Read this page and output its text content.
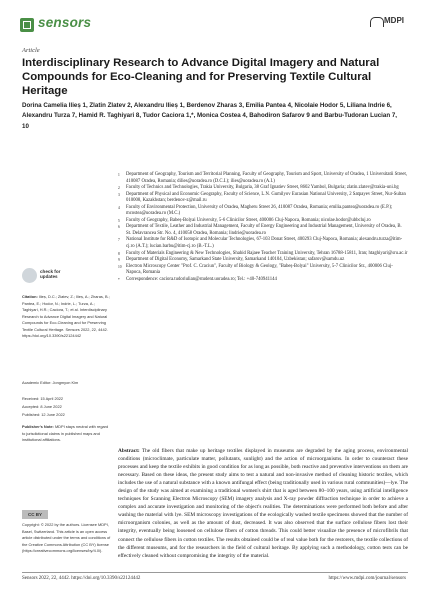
sensors	MDPI
Article
Interdisciplinary Research to Advance Digital Imagery and Natural Compounds for Eco-Cleaning and for Preserving Textile Cultural Heritage
Dorina Camelia Ilieș 1, Zlatin Zlatev 2, Alexandru Ilieș 1, Berdenov Zharas 3, Emilia Pantea 4, Nicolaie Hodor 5, Liliana Indrie 6, Alexandru Turza 7, Hamid R. Taghiyari 8, Tudor Caciora 1,*, Monica Costea 4, Bahodiron Safarov 9 and Barbu-Tudoran Lucian 7, 10
1	Department of Geography, Tourism and Territorial Planning, Faculty of Geography, Tourism and Sport, University of Oradea, 1 Universitatii Street, 410087 Oradea, Romania; dilies@uoradea.ro (D.C.I.); ilies@uoradea.ro (A.I.)
2	Faculty of Technics and Technologies, Trakia University, Bulgaria, 38 Graf Ignatiev Street, 8602 Yambol, Bulgaria; zlatin.zlatev@trakia-uni.bg
3	Department of Physical and Economic Geography, Faculty of Science, L.N. Gumilyov Eurasian National University, 2 Satpayev Street, Nur-Sultan 010008, Kazakhstan; berdenov-z@mail.ru
4	Faculty of Environmental Protection, University of Oradea, Magheru Street 26, 410087 Oradea, Romania; emilia.pantea@uoradea.ro (E.P.); mcostea@uoradea.ro (M.C.)
5	Faculty of Geography, Babeș-Bolyai University, 5-6 Clinicilor Street, 400006 Cluj-Napoca, Romania; nicolae.hodor@ubbcluj.ro
6	Department of Textile, Leather and Industrial Management, Faculty of Energy Engineering and Industrial Management, University of Oradea, B. St. Delavrancea Str. No. 4, 410058 Oradea, Romania; lindrie@uoradea.ro
7	National Institute for R&D of Isotopic and Molecular Technologies, 67-103 Donat Street, 400293 Cluj-Napoca, Romania; alexandru.turza@itim-cj.ro (A.T.); lucian.barbu@itim-cj.ro (B.-T.L.)
8	Faculty of Materials Engineering & New Technologies, Shahid Rajaee Teacher Training University, Tehran 16788-15811, Iran; htaghiyari@sru.ac.ir
9	Department of Digital Economy, Samarkand State University, Samarkand 140104, Uzbekistan; safarov@samdu.uz
10 Electron Microscopy Center "Prof. C. Craciun", Faculty of Biology & Geology, "Babeș-Bolyai" University, 5-7 Clinicilor Str., 400006 Cluj-Napoca, Romania
*	Correspondence: caciora.tudoriulian@student.uoradea.ro; Tel.: +40-740941144
check for updates
Citation: Ilieș, D.C.; Zlatev, Z.; Ilieș, A.; Zharas, B.; Pantea, E.; Hodor, N.; Indrie, L.; Turza, A.; Taghiyari, H.R.; Caciora, T.; et al. Interdisciplinary Research to Advance Digital Imagery and Natural Compounds for Eco-Cleaning and for Preserving Textile Cultural Heritage. Sensors 2022, 22, 4442. https://doi.org/10.3390/s22124442
Academic Editor: Jongmyon Kim
Received: 15 April 2022
Accepted: 8 June 2022
Published: 12 June 2022
Publisher's Note: MDPI stays neutral with regard to jurisdictional claims in published maps and institutional affiliations.
CC BY
Copyright: © 2022 by the authors. Licensee MDPI, Basel, Switzerland. This article is an open access article distributed under the terms and conditions of the Creative Commons Attribution (CC BY) license (https://creativecommons.org/licenses/by/4.0/).
Abstract: The old fibers that make up heritage textiles displayed in museums are degraded by the aging process, environmental conditions (microclimate, particulate matter, pollutants, sunlight) and the action of microorganisms. In order to counteract these processes and keep the textile exhibits in good condition for as long as possible, both reactive and preventive interventions on them are necessary. Based on these ideas, the present study aims to test a natural and non-invasive method of cleaning historic textiles, which includes the use of a natural substance with a known antifungal effect (being traditionally used in various rural communities)—lye. The design of the study was aimed at examining a traditional women's shirt that is aged between 80–100 years, using artificial intelligence techniques for Scanning Electron Microscopy (SEM) imagery analysis and X-ray powder diffraction technique in order to achieve a complex and accurate investigation and monitoring of the object's realities. The determinations were performed both before and after washing the material with lye. SEM microscopy investigations of the ecologically washed textile specimens showed that the number of microorganism colonies, as well as the amount of dust, decreased. It was also observed that the surface cellulose fibers lost their integrity, eventually being loosened on cellulose fibers of cotton threads. This could better visualize the presence of microfibrils that connect the cellulose fibers in cotton textiles. The results obtained could be of real value both for the restorers, the textile collections of the different museums, and for the researchers in the field of cultural heritage. By applying such a methodology, cotton tests can be effectively cleaned without compromising the integrity of the material.
Sensors 2022, 22, 4442. https://doi.org/10.3390/s22124442	https://www.mdpi.com/journal/sensors
